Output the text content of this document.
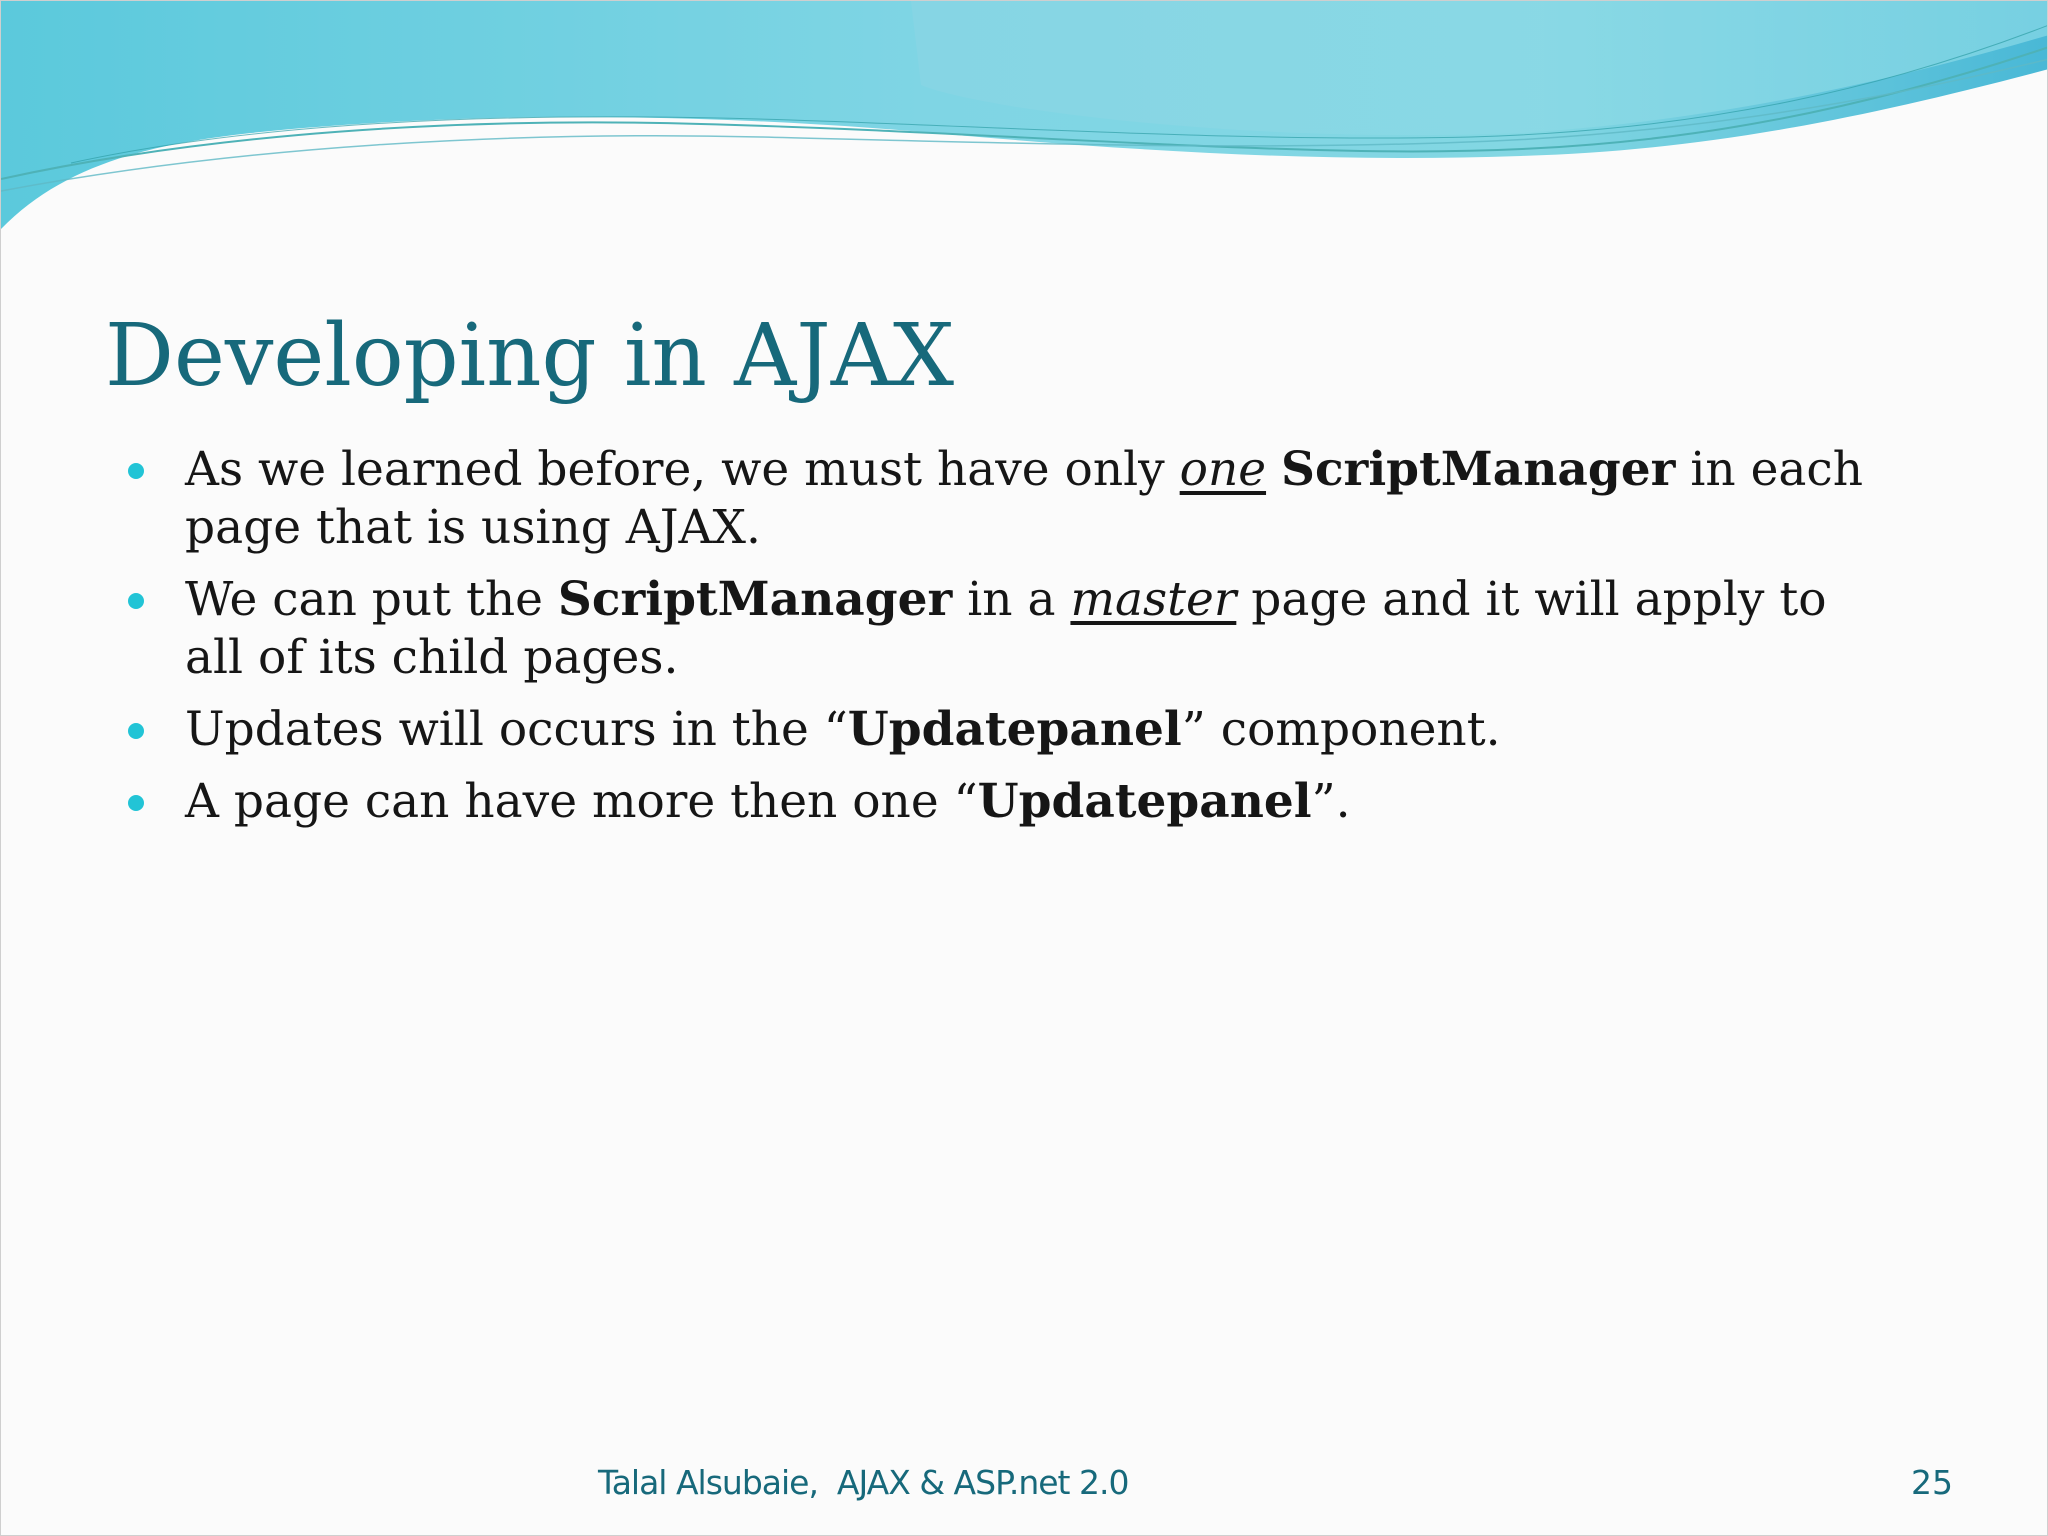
Developing in AJAX
As we learned before, we must have only one ScriptManager in each
page that is using AJAX.
We can put the ScriptManager in a master page and it will apply to
all of its child pages.
Updates will occurs in the “Updatepanel” component.
A page can have more then one “Updatepanel”.
Talal Alsubaie,  AJAX & ASP.net 2.0	25
